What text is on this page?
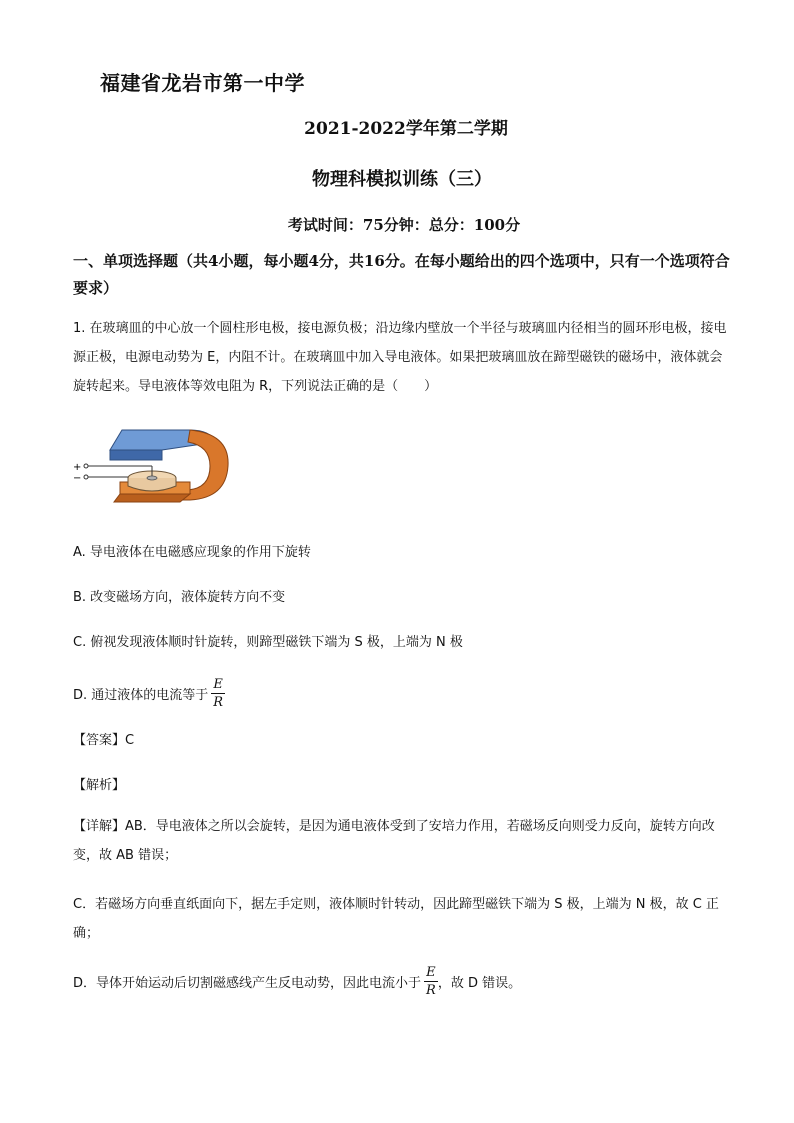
福建省龙岩市第一中学
2021-2022学年第二学期
物理科模拟训练（三）
考试时间：75分钟：总分：100分
一、单项选择题（共4小题，每小题4分，共16分。在每小题给出的四个选项中，只有一个选项符合要求）
1. 在玻璃皿的中心放一个圆柱形电极，接电源负极；沿边缘内壁放一个半径与玻璃皿内径相当的圆环形电极，接电源正极，电源电动势为 E，内阻不计。在玻璃皿中加入导电液体。如果把玻璃皿放在蹄型磁铁的磁场中，液体就会旋转起来。导电液体等效电阻为 R，下列说法正确的是（　　）
+
−
A. 导电液体在电磁感应现象的作用下旋转
B. 改变磁场方向，液体旋转方向不变
C. 俯视发现液体顺时针旋转，则蹄型磁铁下端为 S 极，上端为 N 极
D. 通过液体的电流等于 $\frac{E}{R}$
【答案】C
【解析】
【详解】AB．导电液体之所以会旋转，是因为通电液体受到了安培力作用，若磁场反向则受力反向，旋转方向改变，故 AB 错误；
C．若磁场方向垂直纸面向下，据左手定则，液体顺时针转动，因此蹄型磁铁下端为 S 极，上端为 N 极，故 C 正确；
D．导体开始运动后切割磁感线产生反电动势，因此电流小于 $\frac{E}{R}$ ，故 D 错误。
